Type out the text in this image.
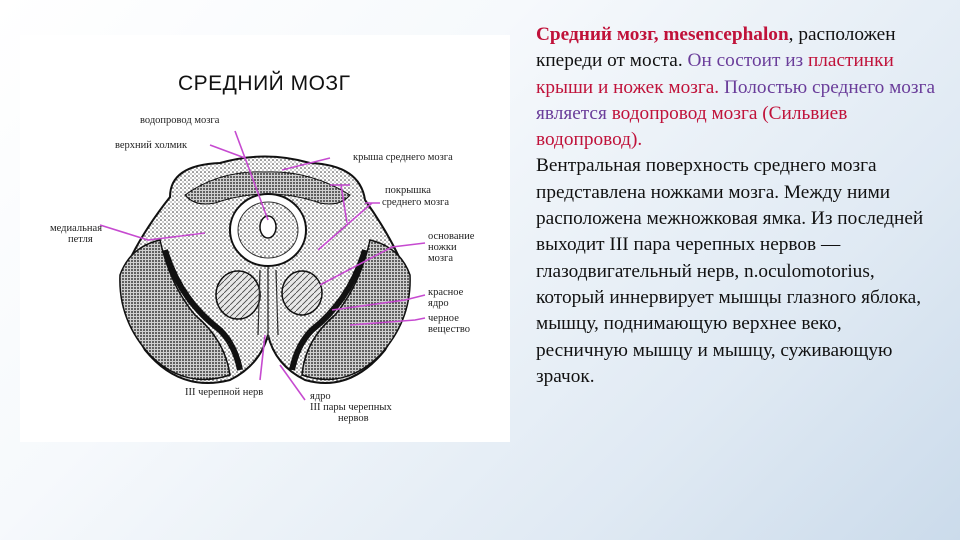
СРЕДНИЙ МОЗГ
водопровод мозга
верхний холмик
медиальная
петля
крыша среднего мозга
покрышка
среднего мозга
основание
ножки
мозга
красное
ядро
черное
вещество
III черепной нерв	ядро
III пары черепных
нервов

Средний мозг, mesencephalon, расположен кпереди от моста. Он состоит из пластинки крыши и ножек мозга. Полостью среднего мозга является водопровод мозга (Сильвиев водопровод).

Вентральная поверхность среднего мозга представлена ножками мозга. Между ними расположена межножковая ямка. Из последней выходит III пара черепных нервов — глазодвигательный нерв, n.oculomotorius, который иннервирует мышцы глазного яблока, мышцу, поднимающую верхнее веко, ресничную мышцу и мышцу, суживающую зрачок.
